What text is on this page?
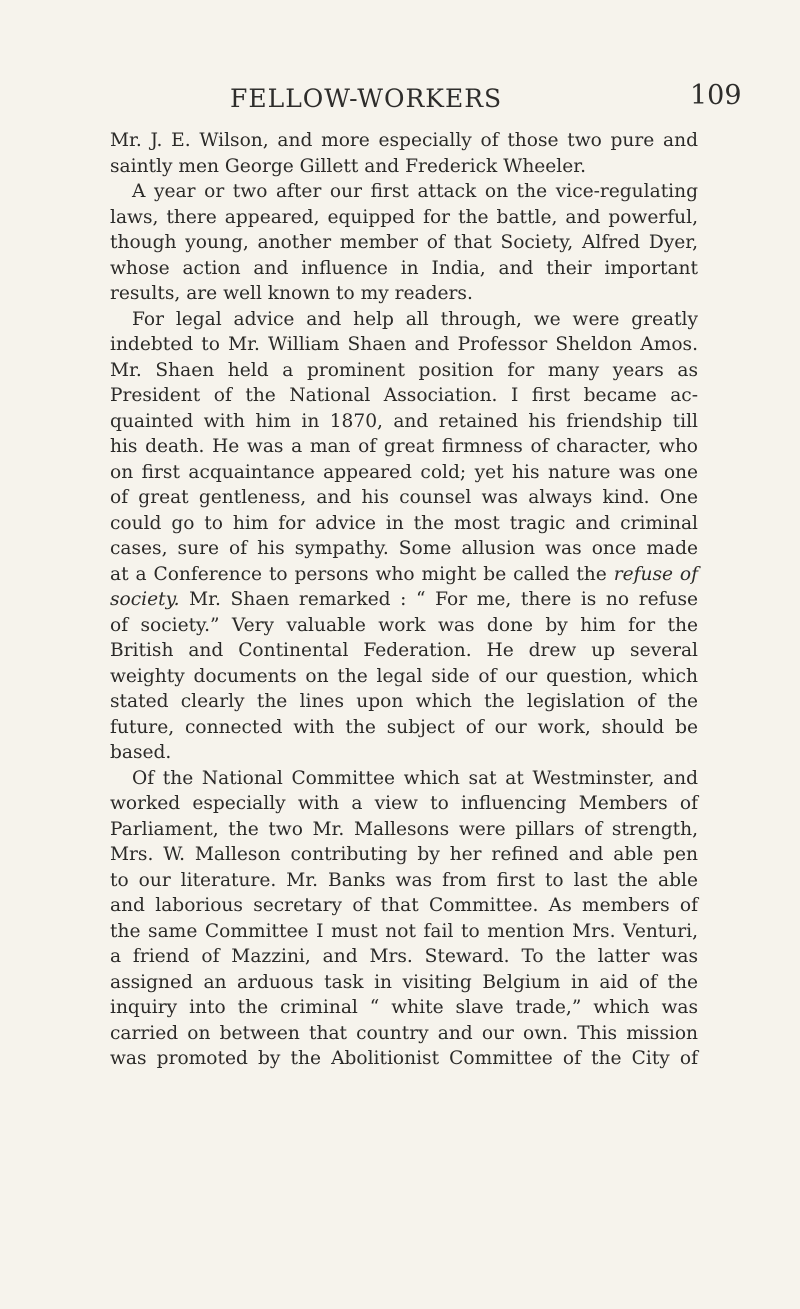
FELLOW-WORKERS	109
Mr. J. E. Wilson, and more especially of those two pure and
saintly men George Gillett and Frederick Wheeler.
A year or two after our first attack on the vice-regulating
laws, there appeared, equipped for the battle, and powerful,
though young, another member of that Society, Alfred Dyer,
whose action and influence in India, and their important
results, are well known to my readers.
For legal advice and help all through, we were greatly
indebted to Mr. William Shaen and Professor Sheldon Amos.
Mr. Shaen held a prominent position for many years as
President of the National Association. I first became ac-
quainted with him in 1870, and retained his friendship till
his death. He was a man of great firmness of character, who
on first acquaintance appeared cold; yet his nature was one
of great gentleness, and his counsel was always kind. One
could go to him for advice in the most tragic and criminal
cases, sure of his sympathy. Some allusion was once made
at a Conference to persons who might be called the refuse of
society. Mr. Shaen remarked : “ For me, there is no refuse
of society.” Very valuable work was done by him for the
British and Continental Federation. He drew up several
weighty documents on the legal side of our question, which
stated clearly the lines upon which the legislation of the
future, connected with the subject of our work, should be
based.
Of the National Committee which sat at Westminster, and
worked especially with a view to influencing Members of
Parliament, the two Mr. Mallesons were pillars of strength,
Mrs. W. Malleson contributing by her refined and able pen
to our literature. Mr. Banks was from first to last the able
and laborious secretary of that Committee. As members of
the same Committee I must not fail to mention Mrs. Venturi,
a friend of Mazzini, and Mrs. Steward. To the latter was
assigned an arduous task in visiting Belgium in aid of the
inquiry into the criminal “ white slave trade,” which was
carried on between that country and our own. This mission
was promoted by the Abolitionist Committee of the City of
